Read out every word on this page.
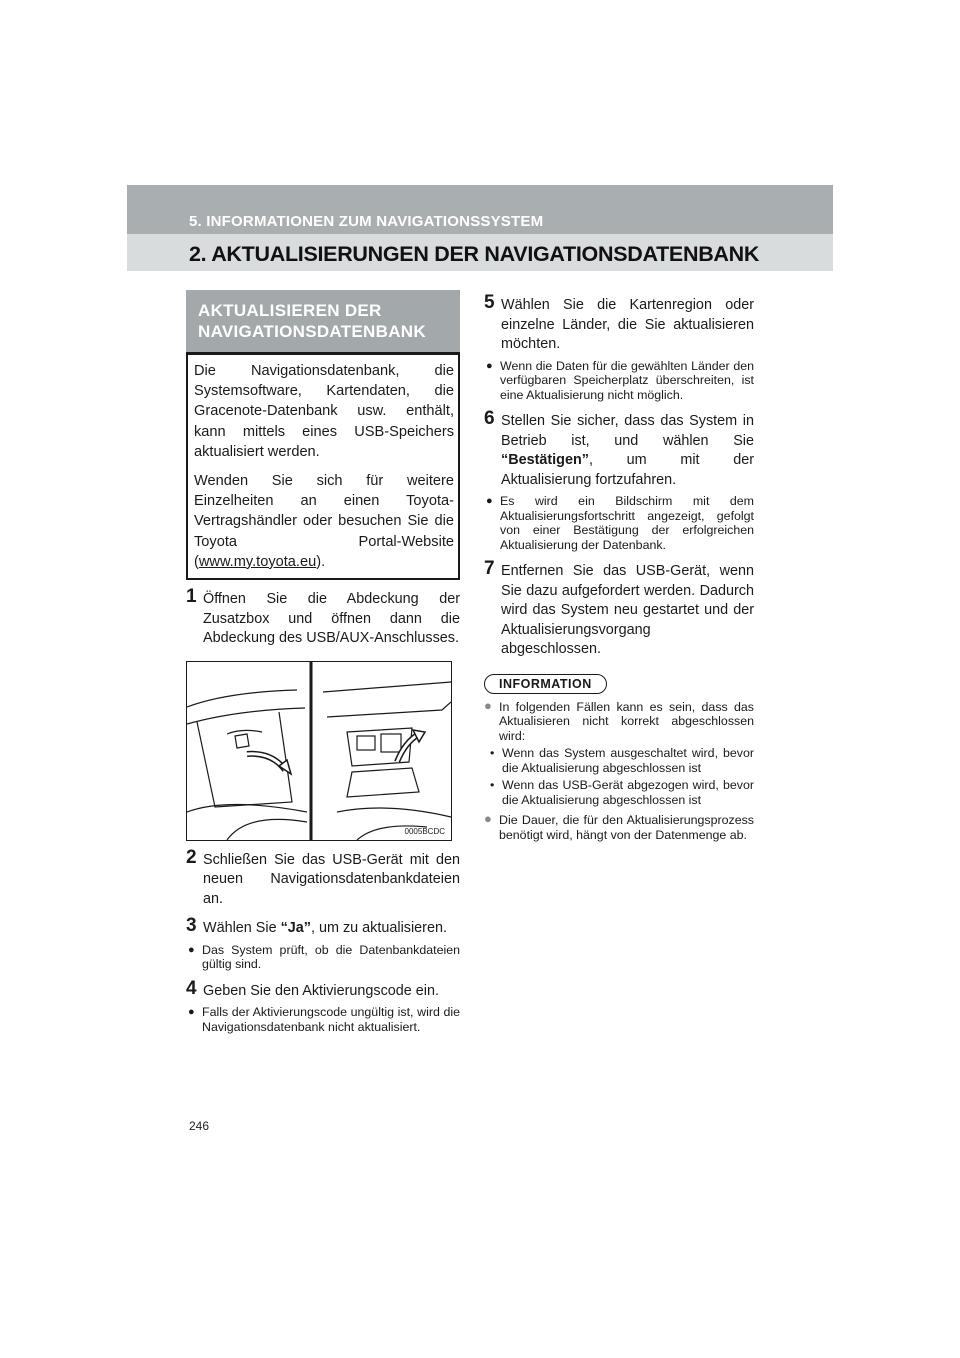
5. INFORMATIONEN ZUM NAVIGATIONSSYSTEM
2. AKTUALISIERUNGEN DER NAVIGATIONSDATENBANK
AKTUALISIEREN DER
NAVIGATIONSDATENBANK

Die Navigationsdatenbank, die Systemsoftware, Kartendaten, die Gracenote-Datenbank usw. enthält, kann mittels eines USB-Speichers aktualisiert werden.

Wenden Sie sich für weitere Einzelheiten an einen Toyota-Vertragshändler oder besuchen Sie die Toyota Portal-Website (www.my.toyota.eu).

1 Öffnen Sie die Abdeckung der Zusatzbox und öffnen dann die Abdeckung des USB/AUX-Anschlusses.
0005BCDC
2 Schließen Sie das USB-Gerät mit den neuen Navigationsdatenbankdateien an.
3 Wählen Sie “Ja”, um zu aktualisieren.
● Das System prüft, ob die Datenbankdateien gültig sind.
4 Geben Sie den Aktivierungscode ein.
● Falls der Aktivierungscode ungültig ist, wird die Navigationsdatenbank nicht aktualisiert.
5 Wählen Sie die Kartenregion oder einzelne Länder, die Sie aktualisieren möchten.
● Wenn die Daten für die gewählten Länder den verfügbaren Speicherplatz überschreiten, ist eine Aktualisierung nicht möglich.
6 Stellen Sie sicher, dass das System in Betrieb ist, und wählen Sie “Bestätigen”, um mit der Aktualisierung fortzufahren.
● Es wird ein Bildschirm mit dem Aktualisierungsfortschritt angezeigt, gefolgt von einer Bestätigung der erfolgreichen Aktualisierung der Datenbank.
7 Entfernen Sie das USB-Gerät, wenn Sie dazu aufgefordert werden. Dadurch wird das System neu gestartet und der Aktualisierungsvorgang abgeschlossen.
INFORMATION
● In folgenden Fällen kann es sein, dass das Aktualisieren nicht korrekt abgeschlossen wird:
• Wenn das System ausgeschaltet wird, bevor die Aktualisierung abgeschlossen ist
• Wenn das USB-Gerät abgezogen wird, bevor die Aktualisierung abgeschlossen ist
● Die Dauer, die für den Aktualisierungsprozess benötigt wird, hängt von der Datenmenge ab.
246
